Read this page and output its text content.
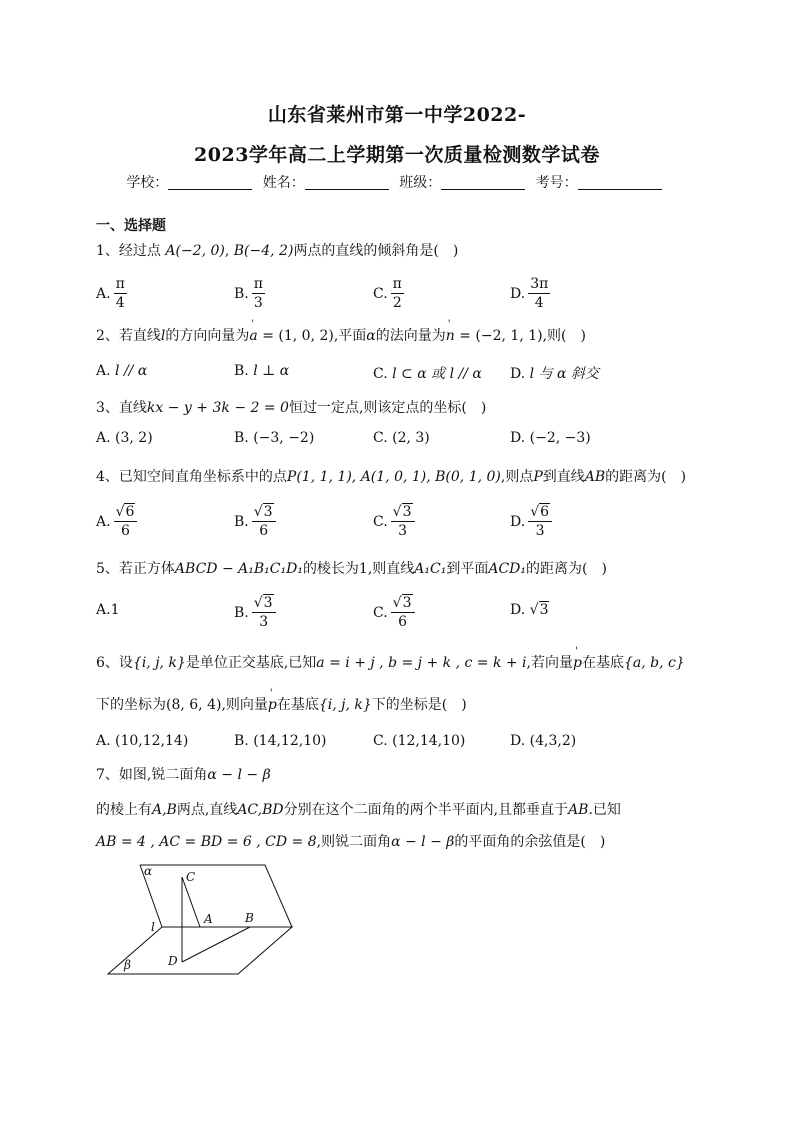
山东省莱州市第一中学2022-
2023学年高二上学期第一次质量检测数学试卷
学校：	姓名：	班级：	考号：
一、选择题
1、经过点 A(−2, 0), B(−4, 2)两点的直线的倾斜角是(　)
A. $\frac{\pi}{4}$	B. $\frac{\pi}{3}$	C. $\frac{\pi}{2}$	D. $\frac{3\pi}{4}$
2、若直线l的方向向量为' a = (1, 0, 2),平面α的法向量为' n = (−2, 1, 1),则(　)
A. l // α	B. l ⊥ α	C. l ⊂ α 或 l // α D. l 与 α 斜交
3、直线kx − y + 3k − 2 = 0恒过一定点,则该定点的坐标(　)
A. (3, 2)	B. (−3, −2)	C. (2, 3)	D. (−2, −3)
4、已知空间直角坐标系中的点P(1, 1, 1), A(1, 0, 1), B(0, 1, 0),则点P到直线AB的距离为(　)
A. $\frac{√6}{6}$	B. $\frac{√3}{6}$	C. $\frac{√3}{3}$	D. $\frac{√6}{3}$
5、若正方体ABCD − A₁B₁C₁D₁的棱长为1,则直线A₁C₁到平面ACD₁的距离为(　)
A.1	B. $\frac{√3}{3}$	C. $\frac{√3}{6}$	D. √3
6、设{i, j, k}是单位正交基底,已知a = i + j , b = j + k , c = k + i,若向量' p在基底{a, b, c}
下的坐标为(8, 6, 4),则向量' p在基底{i, j, k}下的坐标是(　)
A. (10,12,14)	B. (14,12,10)	C. (12,14,10)	D. (4,3,2)
7、如图,锐二面角α − l − β
的棱上有A,B两点,直线AC,BD分别在这个二面角的两个半平面内,且都垂直于AB.已知
AB = 4 , AC = BD = 6 , CD = 8,则锐二面角α − l − β的平面角的余弦值是(　)
α	C
A	B
l
D
β
